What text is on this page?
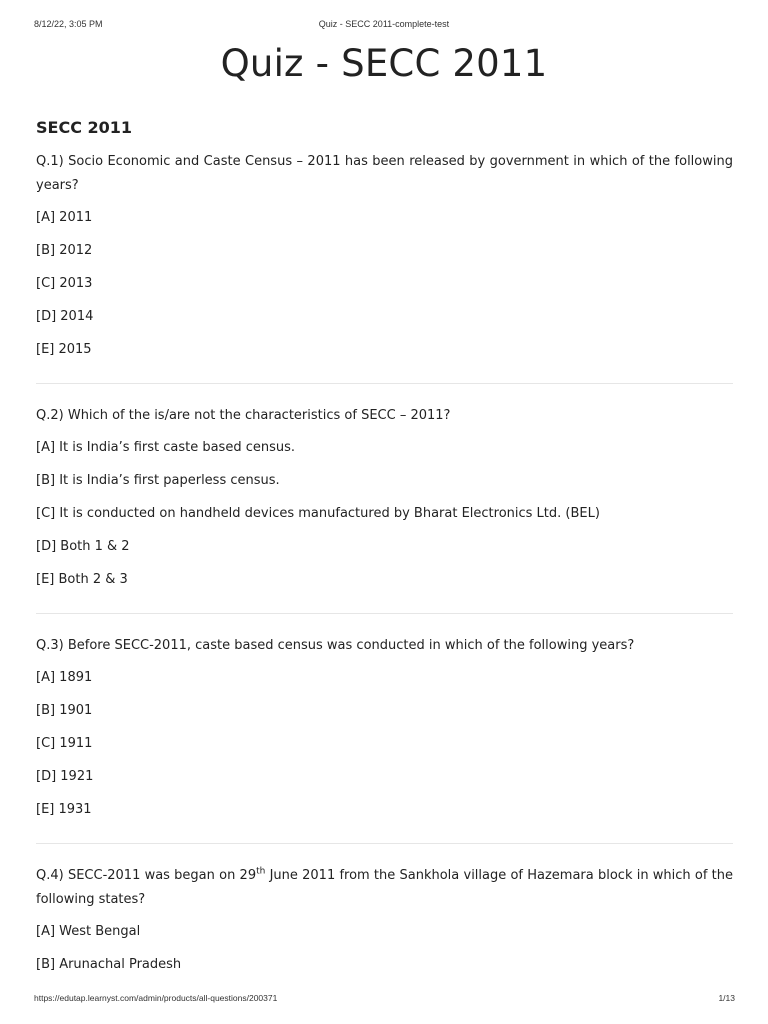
8/12/22, 3:05 PM	Quiz - SECC 2011-complete-test
Quiz - SECC 2011
SECC 2011

Q.1) Socio Economic and Caste Census – 2011 has been released by government in which of the following years?

[A] 2011

[B] 2012

[C] 2013

[D] 2014

[E] 2015

Q.2) Which of the is/are not the characteristics of SECC – 2011?

[A] It is India’s first caste based census.

[B] It is India’s first paperless census.

[C] It is conducted on handheld devices manufactured by Bharat Electronics Ltd. (BEL)

[D] Both 1 & 2

[E] Both 2 & 3

Q.3) Before SECC-2011, caste based census was conducted in which of the following years?

[A] 1891

[B] 1901

[C] 1911

[D] 1921

[E] 1931

Q.4) SECC-2011 was began on 29th June 2011 from the Sankhola village of Hazemara block in which of the following states?

[A] West Bengal

[B] Arunachal Pradesh

https://edutap.learnyst.com/admin/products/all-questions/200371	1/13
